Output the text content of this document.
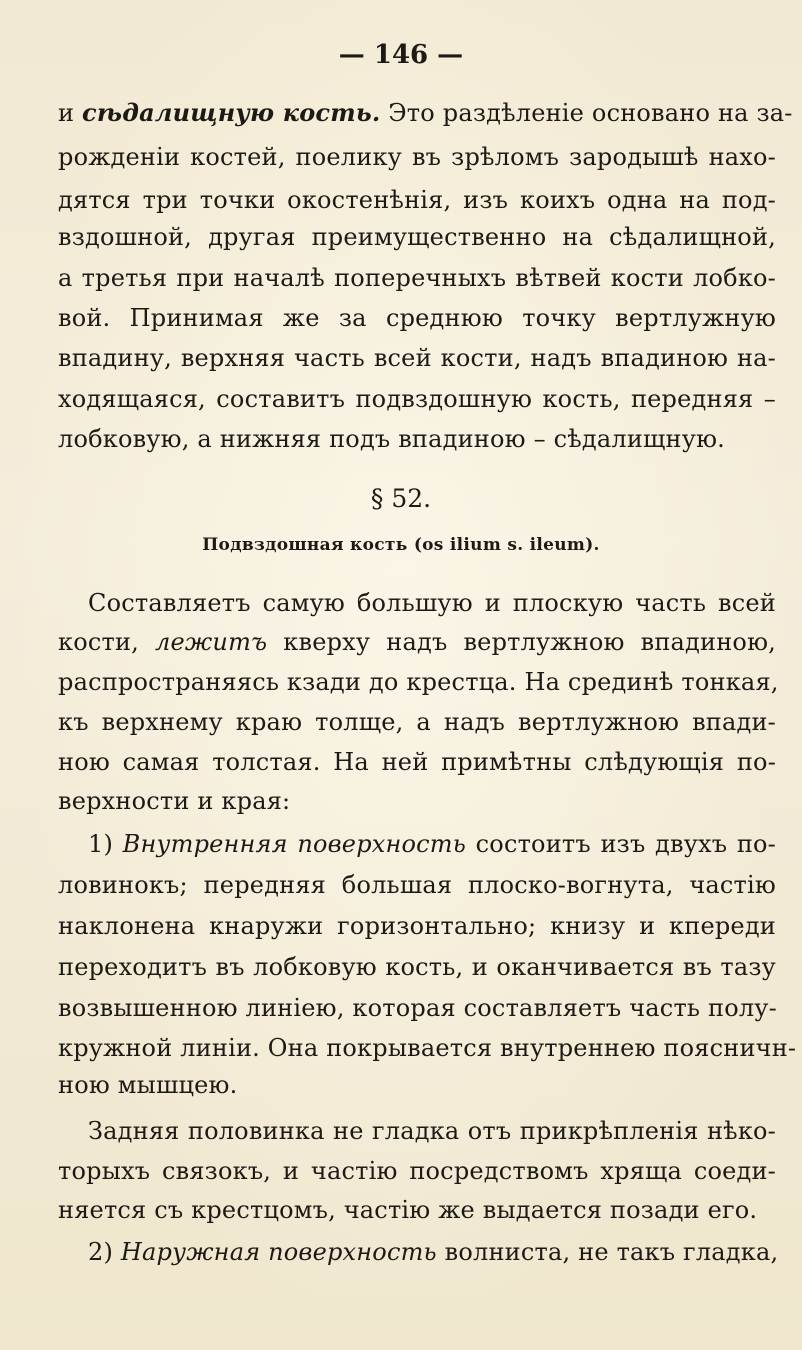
— 146 —
и сѣдалищную кость. Это раздѣленіе основано на за-
рожденіи костей, поелику въ зрѣломъ зародышѣ нахо-
дятся три точки окостенѣнія, изъ коихъ одна на под-
вздошной, другая преимущественно на сѣдалищной,
а третья при началѣ поперечныхъ вѣтвей кости лобко-
вой. Принимая же за среднюю точку вертлужную
впадину, верхняя часть всей кости, надъ впадиною на-
ходящаяся, составитъ подвздошную кость, передняя –
лобковую, а нижняя подъ впадиною – сѣдалищную.
§ 52.
Подвздошная кость (os ilium s. ileum).
Составляетъ самую большую и плоскую часть всей
кости, лежитъ кверху надъ вертлужною впадиною,
распространяясь кзади до крестца. На срединѣ тонкая,
къ верхнему краю толще, а надъ вертлужною впади-
ною самая толстая. На ней примѣтны слѣдующія по-
верхности и края:
1) Внутренняя поверхность состоитъ изъ двухъ по-
ловинокъ; передняя большая плоско-вогнута, частію
наклонена кнаружи горизонтально; книзу и кпереди
переходитъ въ лобковую кость, и оканчивается въ тазу
возвышенною линіею, которая составляетъ часть полу-
кружной линіи. Она покрывается внутреннею поясничн-
ною мышцею.
Задняя половинка не гладка отъ прикрѣпленія нѣко-
торыхъ связокъ, и частію посредствомъ хряща соеди-
няется съ крестцомъ, частію же выдается позади его.
2) Наружная поверхность волниста, не такъ гладка,
